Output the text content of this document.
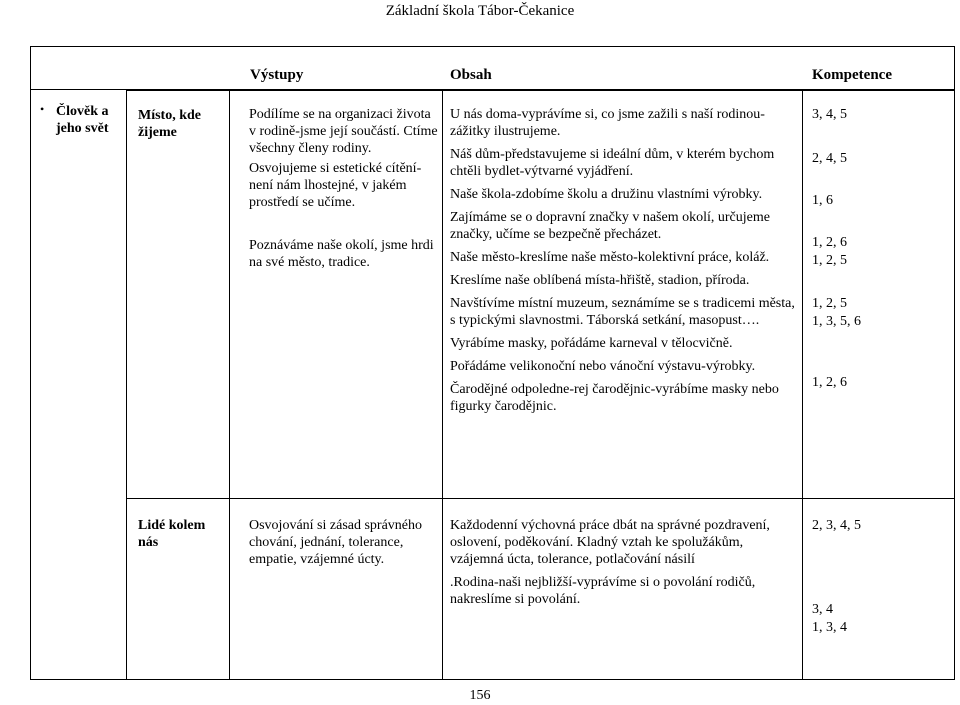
Základní škola Tábor-Čekanice
Výstupy	Obsah	Kompetence
• Člověk a jeho svět
Místo, kde žijeme

Podílíme se na organizaci života v rodině-jsme její součástí. Ctíme všechny členy rodiny.

Osvojujeme si estetické cítění-není nám lhostejné, v jakém prostředí se učíme.

Poznáváme naše okolí, jsme hrdi na své město, tradice.

U nás doma-vyprávíme si, co jsme zažili s naší rodinou-zážitky ilustrujeme.

Náš dům-představujeme si ideální dům, v kterém bychom chtěli bydlet-výtvarné vyjádření.

Naše škola-zdobíme školu a družinu vlastními výrobky.

Zajímáme se o dopravní značky v našem okolí, určujeme značky, učíme se bezpečně přecházet.

Naše město-kreslíme naše město-kolektivní práce, koláž.

Kreslíme naše oblíbená místa-hřiště, stadion, příroda.

Navštívíme místní muzeum, seznámíme se s tradicemi města, s typickými slavnostmi. Táborská setkání, masopust….

Vyrábíme masky, pořádáme karneval v tělocvičně.

Pořádáme velikonoční nebo vánoční výstavu-výrobky.

Čarodějné odpoledne-rej čarodějnic-vyrábíme masky nebo figurky čarodějnic.

3, 4, 5

2, 4, 5

1, 6

1, 2, 6

1, 2, 5

1, 2, 5

1, 3, 5, 6

1, 2, 6

Lidé kolem nás

Osvojování si zásad správného chování, jednání, tolerance, empatie, vzájemné úcty.

Každodenní výchovná práce dbát na správné pozdravení, oslovení, poděkování. Kladný vztah ke spolužákům, vzájemná úcta, tolerance, potlačování násilí

.Rodina-naši nejbližší-vyprávíme si o povolání rodičů, nakreslíme si povolání.

2, 3, 4, 5

3, 4

1, 3, 4

156
